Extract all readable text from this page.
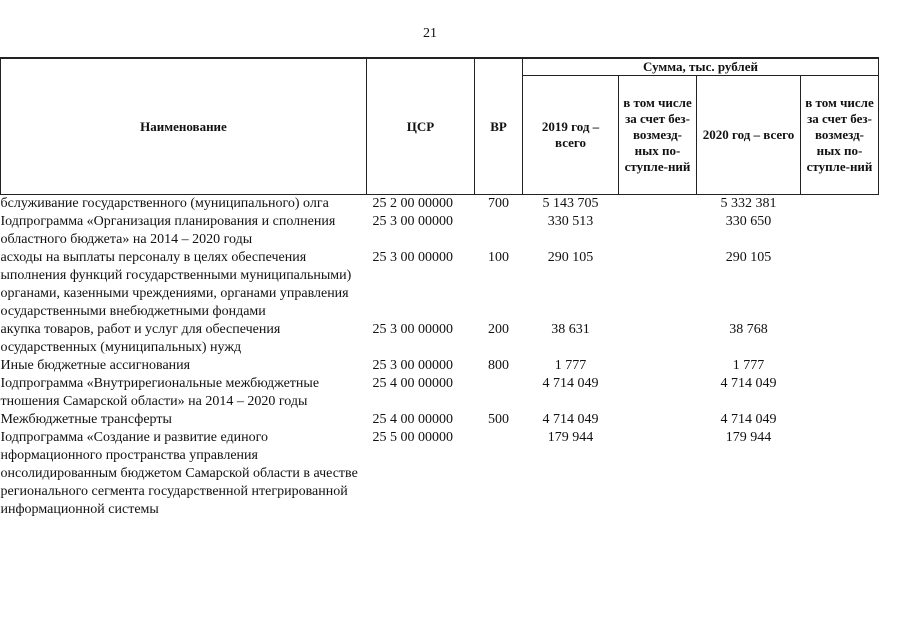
21
Наименование	ЦСР	ВР	Сумма, тыс. рублей			
			2019 год – всего	в том числе за счет без-возмезд-ных по-ступле-ний	2020 год – всего	в том числе за счет без-возмезд-ных по-ступле-ний
бслуживание государственного (муниципального) олга	25 2 00 00000	700	5 143 705		5 332 381	
Іодпрограмма «Организация планирования и сполнения областного бюджета» на 2014 – 2020 годы	25 3 00 00000		330 513		330 650	
асходы на выплаты персоналу в целях обеспечения ыполнения функций государственными муниципальными) органами, казенными чреждениями, органами управления осударственными внебюджетными фондами	25 3 00 00000	100	290 105		290 105	
акупка товаров, работ и услуг для обеспечения осударственных (муниципальных) нужд	25 3 00 00000	200	38 631		38 768	
Иные бюджетные ассигнования	25 3 00 00000	800	1 777		1 777	
Іодпрограмма «Внутрирегиональные межбюджетные тношения Самарской области» на 2014 – 2020 годы	25 4 00 00000		4 714 049		4 714 049	
Межбюджетные трансферты	25 4 00 00000	500	4 714 049		4 714 049	
Іодпрограмма «Создание и развитие единого нформационного пространства управления онсолидированным бюджетом Самарской области в ачестве регионального сегмента государственной нтегрированной информационной системы	25 5 00 00000		179 944		179 944	
